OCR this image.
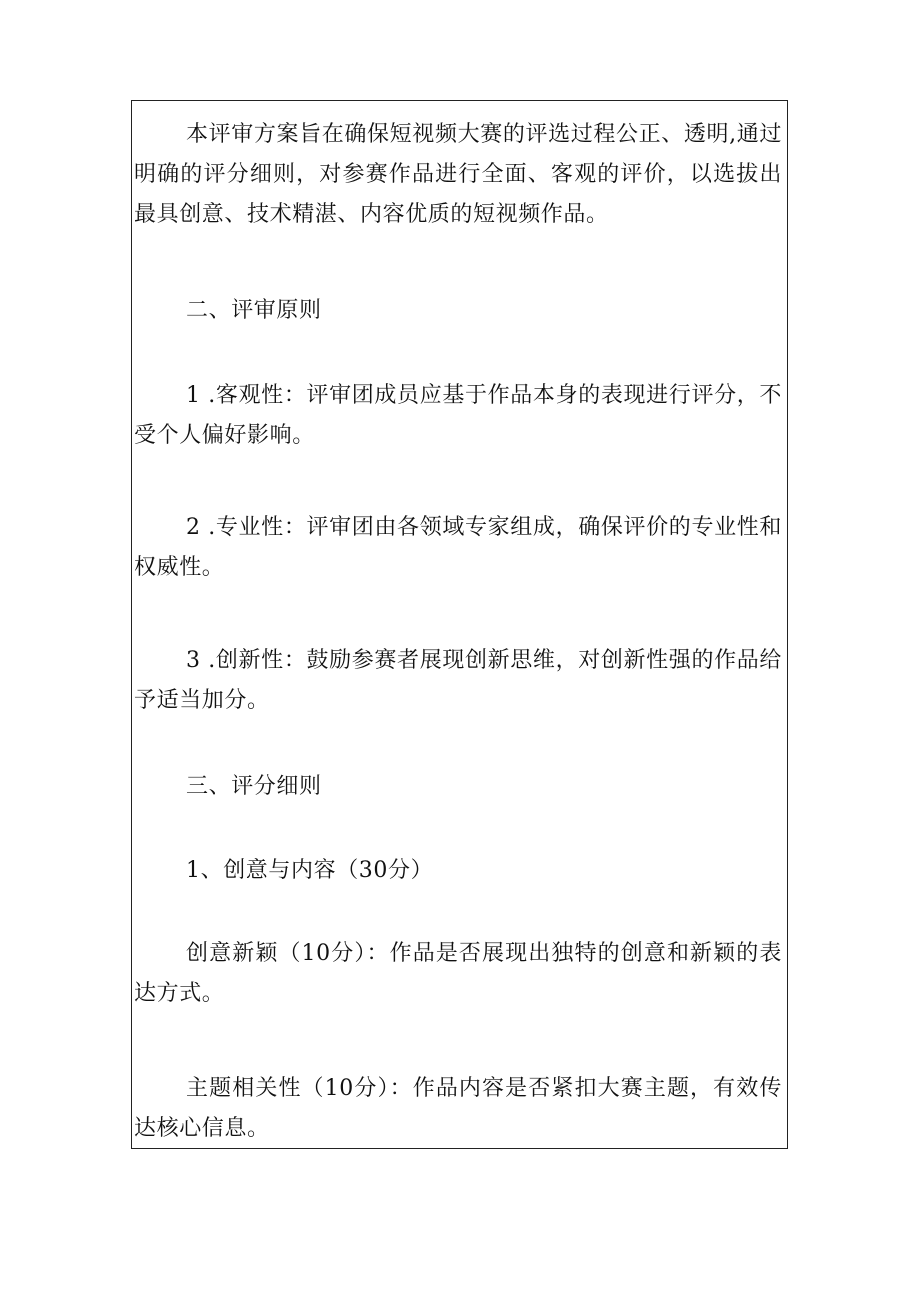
本评审方案旨在确保短视频大赛的评选过程公正、透明,通过明确的评分细则，对参赛作品进行全面、客观的评价，以选拔出最具创意、技术精湛、内容优质的短视频作品。

二、评审原则

1 .客观性：评审团成员应基于作品本身的表现进行评分，不受个人偏好影响。

2 .专业性：评审团由各领域专家组成，确保评价的专业性和权威性。

3 .创新性：鼓励参赛者展现创新思维，对创新性强的作品给予适当加分。

三、评分细则

1、创意与内容（30分）

创意新颖（10分）：作品是否展现出独特的创意和新颖的表达方式。

主题相关性（10分）：作品内容是否紧扣大赛主题，有效传达核心信息。
